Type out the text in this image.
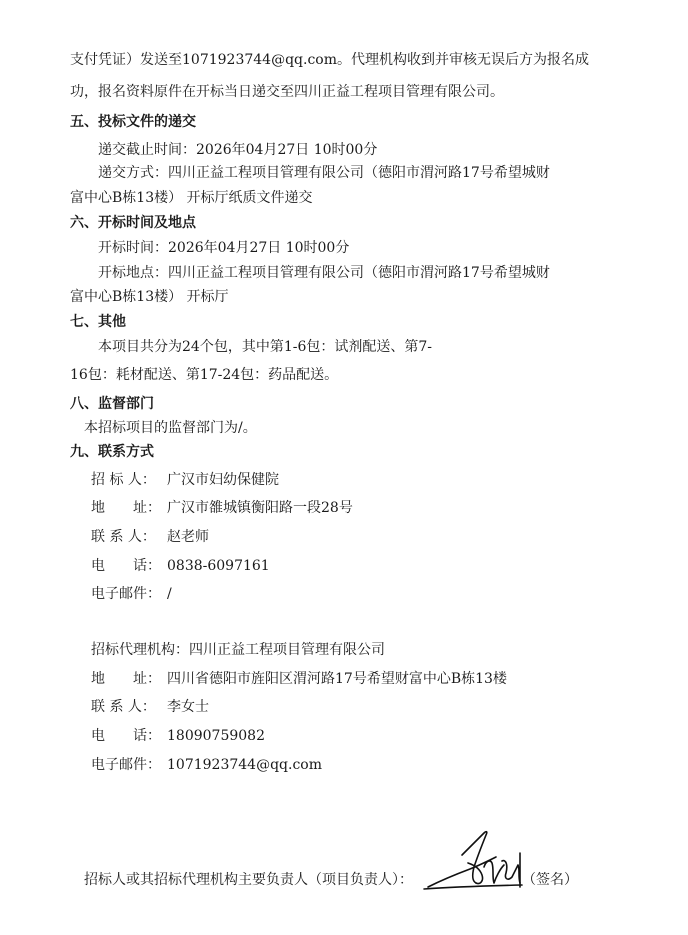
支付凭证）发送至1071923744@qq.com。代理机构收到并审核无误后方为报名成
功，报名资料原件在开标当日递交至四川正益工程项目管理有限公司。
五、投标文件的递交
递交截止时间：2026年04月27日 10时00分
递交方式：四川正益工程项目管理有限公司（德阳市渭河路17号希望城财
富中心B栋13楼） 开标厅纸质文件递交
六、开标时间及地点
开标时间：2026年04月27日 10时00分
开标地点：四川正益工程项目管理有限公司（德阳市渭河路17号希望城财
富中心B栋13楼） 开标厅
七、其他
本项目共分为24个包，其中第1-6包：试剂配送、第7-
16包：耗材配送、第17-24包：药品配送。
八、监督部门
本招标项目的监督部门为/。
九、联系方式
招 标 人： 广汉市妇幼保健院
地　　址： 广汉市雒城镇衡阳路一段28号
联 系 人： 赵老师
电　　话： 0838-6097161
电子邮件： /
招标代理机构：四川正益工程项目管理有限公司
地　　址： 四川省德阳市旌阳区渭河路17号希望财富中心B栋13楼
联 系 人： 李女士
电　　话： 18090759082
电子邮件： 1071923744@qq.com
招标人或其招标代理机构主要负责人（项目负责人）：	（签名）
